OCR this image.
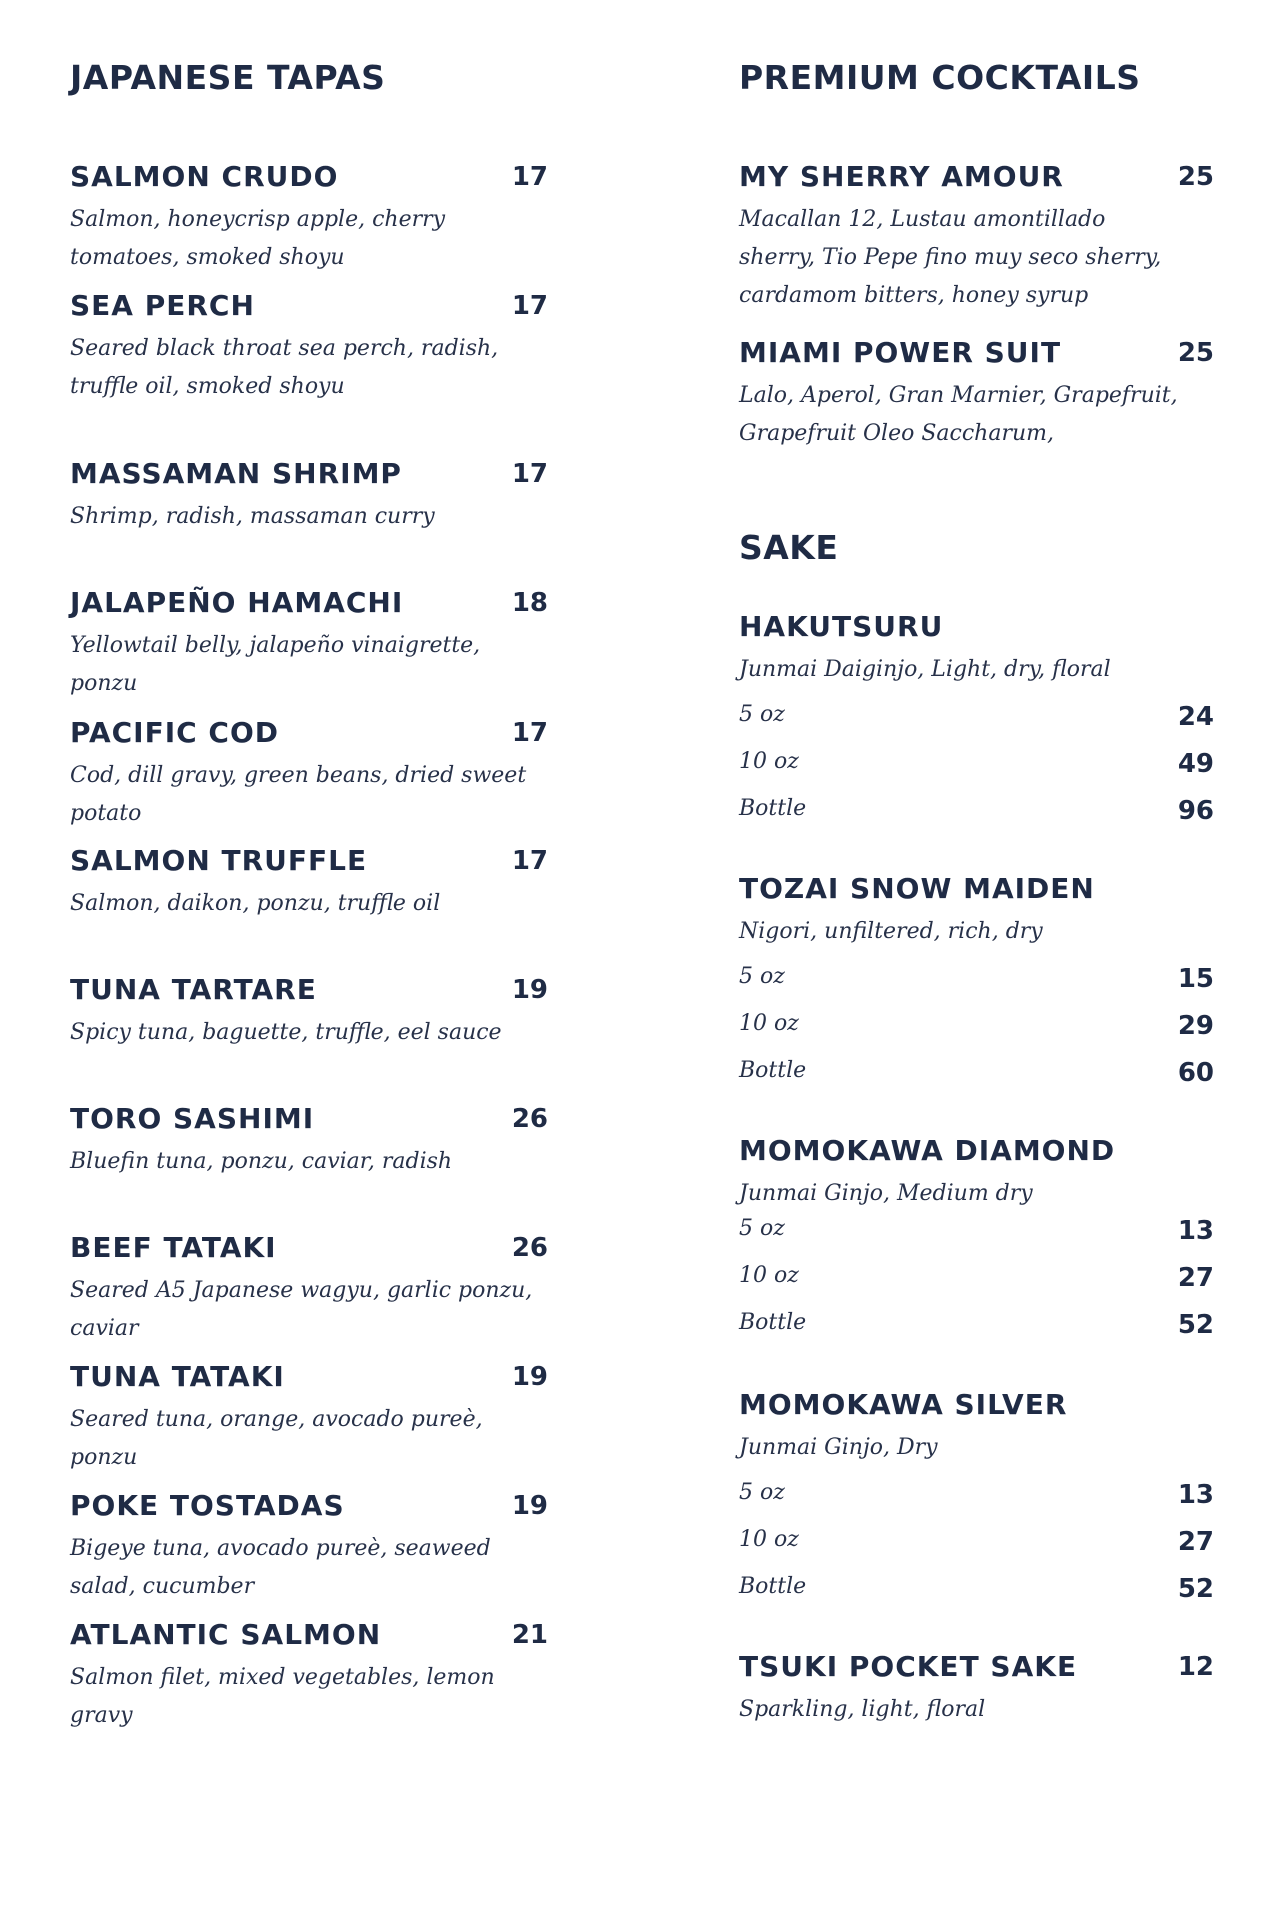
JAPANESE TAPAS
SALMON CRUDO	17
Salmon, honeycrisp apple, cherry tomatoes, smoked shoyu
SEA PERCH	17
Seared black throat sea perch, radish, truffle oil, smoked shoyu
MASSAMAN SHRIMP	17
Shrimp, radish, massaman curry
JALAPEÑO HAMACHI	18
Yellowtail belly, jalapeño vinaigrette, ponzu
PACIFIC COD	17
Cod, dill gravy, green beans, dried sweet potato
SALMON TRUFFLE	17
Salmon, daikon, ponzu, truffle oil
TUNA TARTARE	19
Spicy tuna, baguette, truffle, eel sauce
TORO SASHIMI	26
Bluefin tuna, ponzu, caviar, radish
BEEF TATAKI	26
Seared A5 Japanese wagyu, garlic ponzu, caviar
TUNA TATAKI	19
Seared tuna, orange, avocado pureè, ponzu
POKE TOSTADAS	19
Bigeye tuna, avocado pureè, seaweed salad, cucumber
ATLANTIC SALMON	21
Salmon filet, mixed vegetables, lemon gravy
PREMIUM COCKTAILS
MY SHERRY AMOUR	25
Macallan 12, Lustau amontillado sherry, Tio Pepe fino muy seco sherry, cardamom bitters, honey syrup
MIAMI POWER SUIT	25
Lalo, Aperol, Gran Marnier, Grapefruit, Grapefruit Oleo Saccharum,
SAKE
HAKUTSURU
Junmai Daiginjo, Light, dry, floral
5 oz	24
10 oz	49
Bottle	96
TOZAI SNOW MAIDEN
Nigori, unfiltered, rich, dry
5 oz	15
10 oz	29
Bottle	60
MOMOKAWA DIAMOND
Junmai Ginjo, Medium dry
5 oz	13
10 oz	27
Bottle	52
MOMOKAWA SILVER
Junmai Ginjo, Dry
5 oz	13
10 oz	27
Bottle	52
TSUKI POCKET SAKE	12
Sparkling, light, floral
